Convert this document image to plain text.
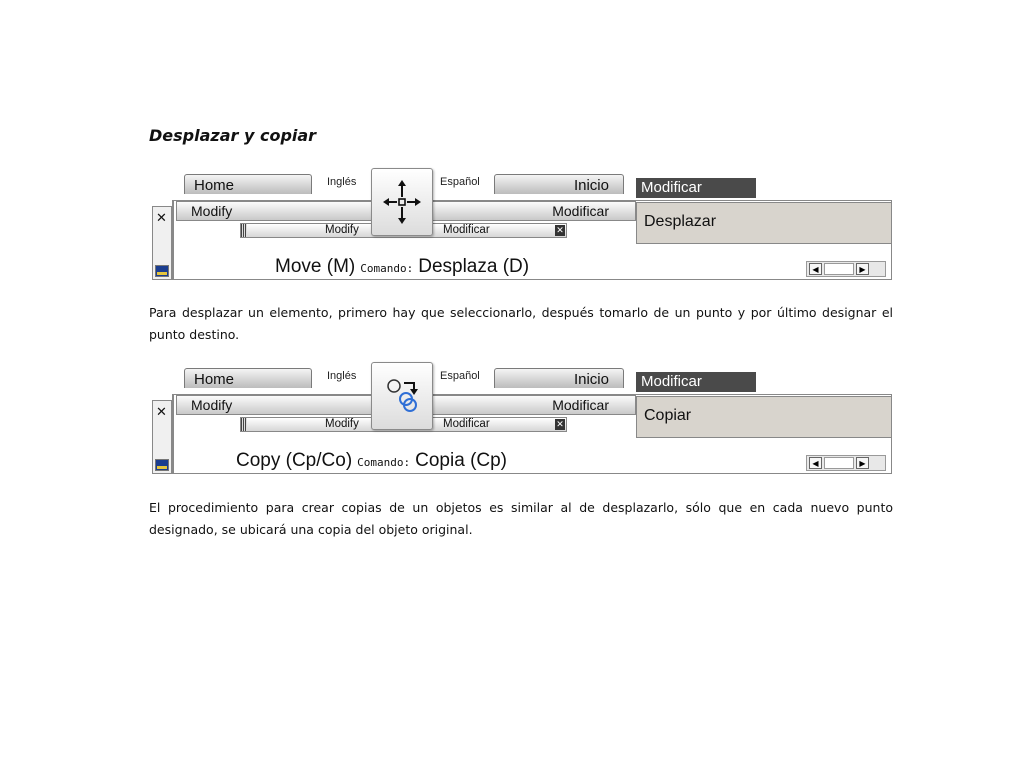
Desplazar y copiar
Home	Inglés	Español	Inicio
✕ Modify	Modificar
Modify	Modificar	✕
Modificar
Desplazar
Move (M) Comando: Desplaza (D)	◀	▶
Para desplazar un elemento, primero hay que seleccionarlo, después tomarlo de un punto y por último designar el punto destino.
Home	Inglés	Español	Inicio
✕ Modify	Modificar
Modify	Modificar	✕
Modificar
Copiar
Copy (Cp/Co) Comando: Copia (Cp)	◀	▶
El procedimiento para crear copias de un objetos es similar al de desplazarlo, sólo que en cada nuevo punto designado, se ubicará una copia del objeto original.
